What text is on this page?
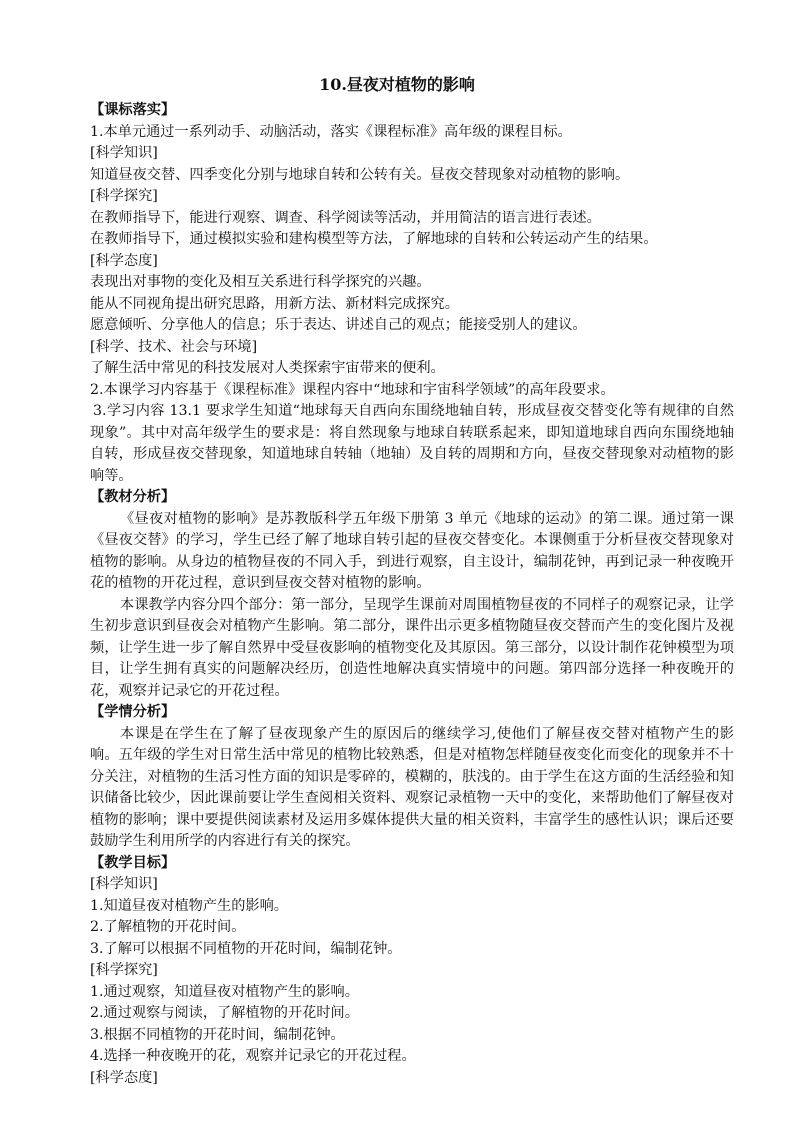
10.昼夜对植物的影响

【课标落实】

1.本单元通过一系列动手、动脑活动，落实《课程标准》高年级的课程目标。

[科学知识]

知道昼夜交替、四季变化分别与地球自转和公转有关。昼夜交替现象对动植物的影响。

[科学探究]

在教师指导下，能进行观察、调查、科学阅读等活动，并用简洁的语言进行表述。

在教师指导下，通过模拟实验和建构模型等方法，了解地球的自转和公转运动产生的结果。

[科学态度]

表现出对事物的变化及相互关系进行科学探究的兴趣。

能从不同视角提出研究思路，用新方法、新材料完成探究。

愿意倾听、分享他人的信息；乐于表达、讲述自己的观点；能接受别人的建议。

[科学、技术、社会与环境]

了解生活中常见的科技发展对人类探索宇宙带来的便利。

2.本课学习内容基于《课程标准》课程内容中“地球和宇宙科学领域”的高年段要求。

3.学习内容 13.1 要求学生知道“地球每天自西向东围绕地轴自转，形成昼夜交替变化等有规律的自然现象”。其中对高年级学生的要求是：将自然现象与地球自转联系起来，即知道地球自西向东围绕地轴自转，形成昼夜交替现象，知道地球自转轴（地轴）及自转的周期和方向，昼夜交替现象对动植物的影响等。

【教材分析】

《昼夜对植物的影响》是苏教版科学五年级下册第 3 单元《地球的运动》的第二课。通过第一课《昼夜交替》的学习，学生已经了解了地球自转引起的昼夜交替变化。本课侧重于分析昼夜交替现象对植物的影响。从身边的植物昼夜的不同入手，到进行观察，自主设计，编制花钟，再到记录一种夜晚开花的植物的开花过程，意识到昼夜交替对植物的影响。

本课教学内容分四个部分：第一部分，呈现学生课前对周围植物昼夜的不同样子的观察记录，让学生初步意识到昼夜会对植物产生影响。第二部分，课件出示更多植物随昼夜交替而产生的变化图片及视频，让学生进一步了解自然界中受昼夜影响的植物变化及其原因。第三部分，以设计制作花钟模型为项目，让学生拥有真实的问题解决经历，创造性地解决真实情境中的问题。第四部分选择一种夜晚开的花，观察并记录它的开花过程。

【学情分析】

本课是在学生在了解了昼夜现象产生的原因后的继续学习,使他们了解昼夜交替对植物产生的影响。五年级的学生对日常生活中常见的植物比较熟悉，但是对植物怎样随昼夜变化而变化的现象并不十分关注，对植物的生活习性方面的知识是零碎的，模糊的，肤浅的。由于学生在这方面的生活经验和知识储备比较少，因此课前要让学生查阅相关资料、观察记录植物一天中的变化，来帮助他们了解昼夜对植物的影响；课中要提供阅读素材及运用多媒体提供大量的相关资料，丰富学生的感性认识；课后还要鼓励学生利用所学的内容进行有关的探究。

【教学目标】

[科学知识]

1.知道昼夜对植物产生的影响。

2.了解植物的开花时间。

3.了解可以根据不同植物的开花时间，编制花钟。

[科学探究]

1.通过观察，知道昼夜对植物产生的影响。

2.通过观察与阅读，了解植物的开花时间。

3.根据不同植物的开花时间，编制花钟。

4.选择一种夜晚开的花，观察并记录它的开花过程。

[科学态度]
